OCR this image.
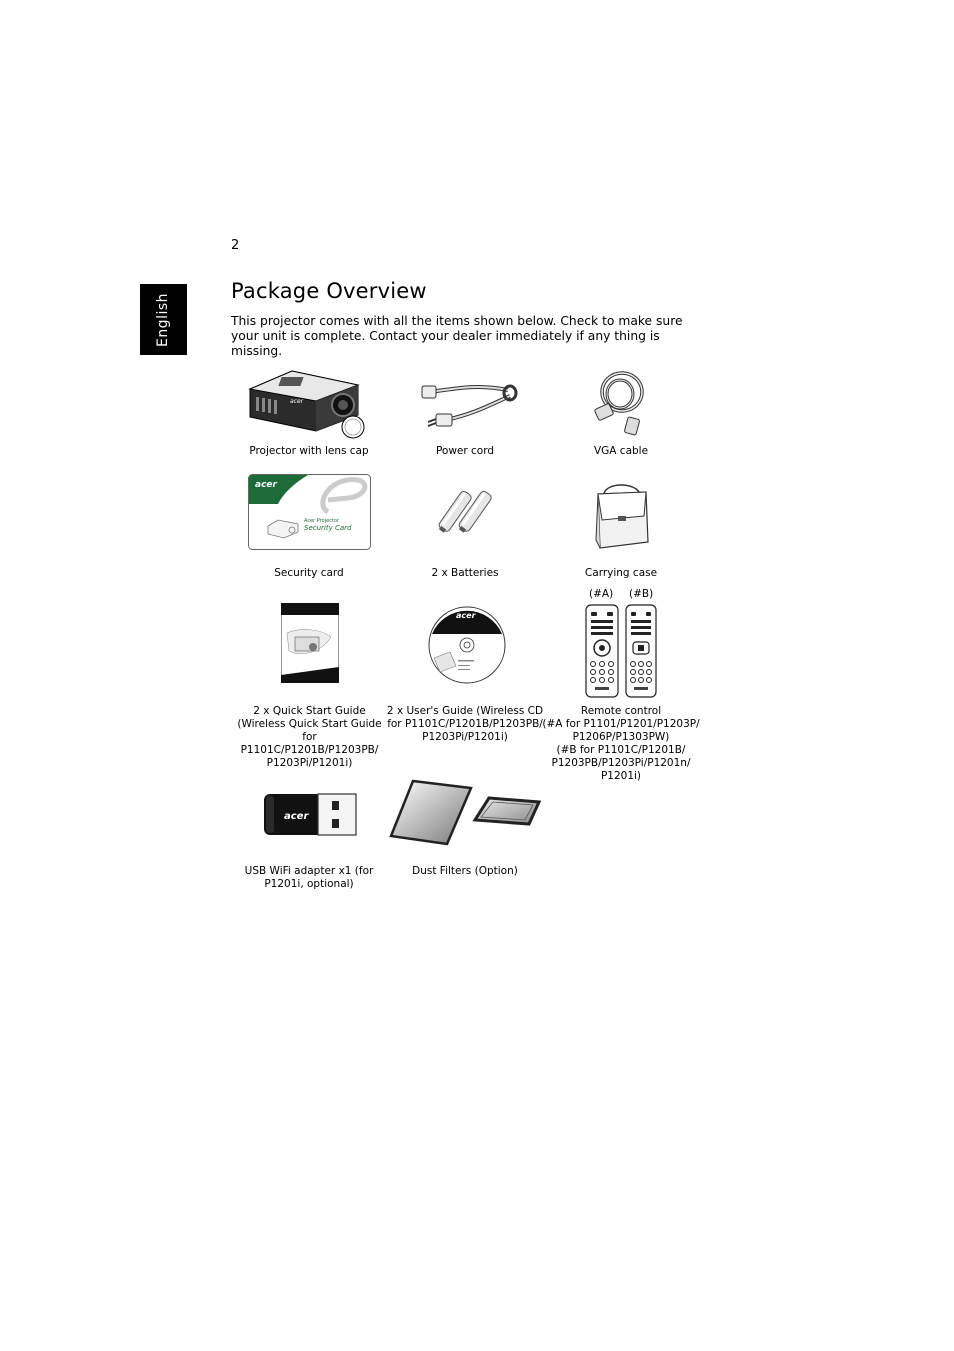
2
English
Package Overview

This projector comes with all the items shown below. Check to make sure your unit is complete. Contact your dealer immediately if any thing is missing.

acer
Projector with lens cap	Power cord	VGA cable
acer
Acer Projector
Security Card
Security card	2 x Batteries	Carrying case
2 x Quick Start Guide
(Wireless Quick Start Guide
for P1101C/P1201B/P1203PB/
P1203Pi/P1201i)
acer
2 x User's Guide (Wireless CD
for P1101C/P1201B/P1203PB/
P1203Pi/P1201i)
(#A) (#B)
Remote control
(#A for P1101/P1201/P1203P/
P1206P/P1303PW)
(#B for P1101C/P1201B/
P1203PB/P1203Pi/P1201n/
P1201i)
acer
USB WiFi adapter x1 (for
P1201i, optional)
Dust Filters (Option)
